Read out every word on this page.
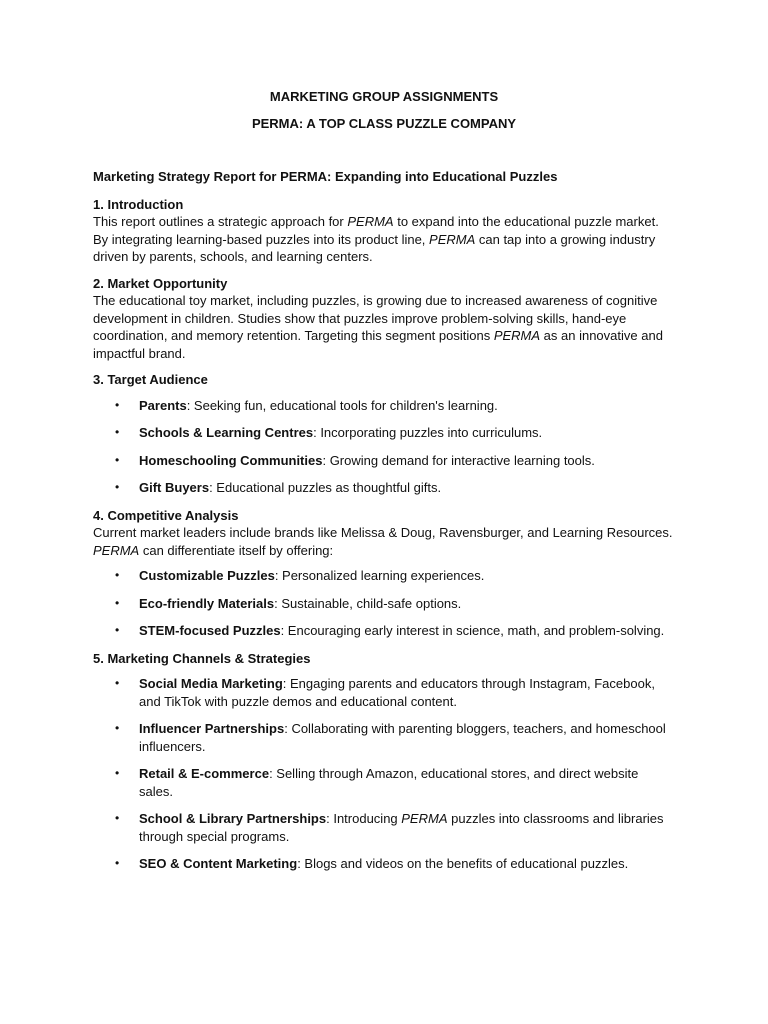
MARKETING GROUP ASSIGNMENTS
PERMA: A TOP CLASS PUZZLE COMPANY

Marketing Strategy Report for PERMA: Expanding into Educational Puzzles

1. Introduction

This report outlines a strategic approach for PERMA to expand into the educational puzzle market. By integrating learning-based puzzles into its product line, PERMA can tap into a growing industry driven by parents, schools, and learning centers.

2. Market Opportunity

The educational toy market, including puzzles, is growing due to increased awareness of cognitive development in children. Studies show that puzzles improve problem-solving skills, hand-eye coordination, and memory retention. Targeting this segment positions PERMA as an innovative and impactful brand.

3. Target Audience

• Parents: Seeking fun, educational tools for children's learning.
• Schools & Learning Centres: Incorporating puzzles into curriculums.
• Homeschooling Communities: Growing demand for interactive learning tools.
• Gift Buyers: Educational puzzles as thoughtful gifts.

4. Competitive Analysis

Current market leaders include brands like Melissa & Doug, Ravensburger, and Learning Resources. PERMA can differentiate itself by offering:

• Customizable Puzzles: Personalized learning experiences.
• Eco-friendly Materials: Sustainable, child-safe options.
• STEM-focused Puzzles: Encouraging early interest in science, math, and problem-solving.

5. Marketing Channels & Strategies

• Social Media Marketing: Engaging parents and educators through Instagram, Facebook, and TikTok with puzzle demos and educational content.
• Influencer Partnerships: Collaborating with parenting bloggers, teachers, and homeschool influencers.
• Retail & E-commerce: Selling through Amazon, educational stores, and direct website sales.
• School & Library Partnerships: Introducing PERMA puzzles into classrooms and libraries through special programs.
• SEO & Content Marketing: Blogs and videos on the benefits of educational puzzles.
